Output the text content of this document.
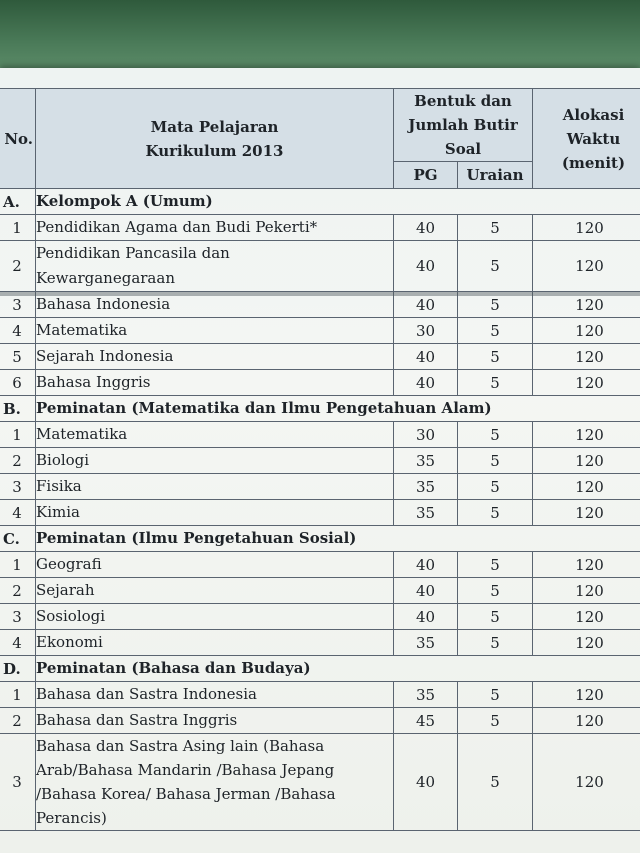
No.	Mata Pelajaran Kurikulum 2013	Bentuk dan Jumlah Butir Soal		Alokasi Waktu (menit)
		PG	Uraian	
A.	Kelompok A (Umum)			
1	Pendidikan Agama dan Budi Pekerti*	40	5	120
2	Pendidikan Pancasila dan Kewarganegaraan	40	5	120
3	Bahasa Indonesia	40	5	120
4	Matematika	30	5	120
5	Sejarah Indonesia	40	5	120
6	Bahasa Inggris	40	5	120
B.	Peminatan (Matematika dan Ilmu Pengetahuan Alam)			
1	Matematika	30	5	120
2	Biologi	35	5	120
3	Fisika	35	5	120
4	Kimia	35	5	120
C.	Peminatan (Ilmu Pengetahuan Sosial)			
1	Geografi	40	5	120
2	Sejarah	40	5	120
3	Sosiologi	40	5	120
4	Ekonomi	35	5	120
D.	Peminatan (Bahasa dan Budaya)			
1	Bahasa dan Sastra Indonesia	35	5	120
2	Bahasa dan Sastra Inggris	45	5	120
3	Bahasa dan Sastra Asing lain (Bahasa Arab/Bahasa Mandarin /Bahasa Jepang /Bahasa Korea/ Bahasa Jerman /Bahasa Perancis)	40	5	120
